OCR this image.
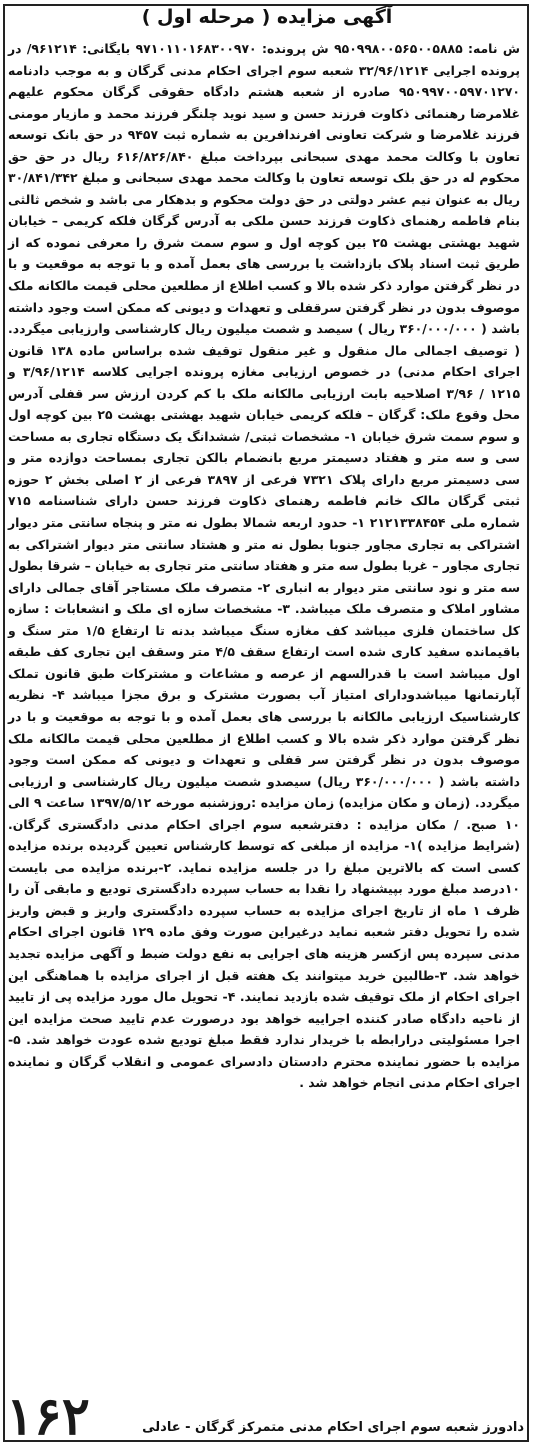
آگهی مزایده ( مرحله اول )

ش نامه: ۹۵۰۹۹۸۰۰۵۶۵۰۰۵۸۸۵ ش پرونده: ۹۷۱۰۱۱۰۱۶۸۳۰۰۹۷۰ بایگانی: ۹۶۱۲۱۴/ در پرونده اجرایی ۳۲/۹۶/۱۲۱۴ شعبه سوم اجرای احکام مدنی گرگان و به موجب دادنامه ۹۵۰۹۹۷۰۰۵۹۷۰۱۲۷۰ صادره از شعبه هشتم دادگاه حقوقی گرگان محکوم علیهم غلامرضا رهنمائی ذکاوت فرزند حسن و سید نوید چلنگر فرزند محمد و مازیار مومنی فرزند غلامرضا و شرکت تعاونی افرندافرین به شماره ثبت ۹۴۵۷ در حق بانک توسعه تعاون با وکالت محمد مهدی سبحانی بپرداخت مبلغ ۶۱۶/۸۲۶/۸۴۰ ریال در حق حق محکوم له در حق بلک توسعه تعاون با وکالت محمد مهدی سبحانی و مبلغ ۳۰/۸۴۱/۳۴۲ ریال به عنوان نیم عشر دولتی در حق دولت محکوم و بدهکار می باشد و شخص ثالثی بنام فاطمه رهنمای ذکاوت فرزند حسن ملکی به آدرس گرگان فلکه کریمی – خیابان شهید بهشتی بهشت ۲۵ بین کوچه اول و سوم سمت شرق را معرفی نموده که از طریق ثبت اسناد پلاک بازداشت یا بررسی های بعمل آمده و با توجه به موقعیت و با در نظر گرفتن موارد ذکر شده بالا و کسب اطلاع از مطلعین محلی قیمت مالکانه ملک موصوف بدون در نظر گرفتن سرقفلی و تعهدات و دیونی که ممکن است وجود داشته باشد ( ۳۶۰/۰۰۰/۰۰۰ ریال ) سیصد و شصت میلیون ریال کارشناسی وارزیابی میگردد. ( توصیف اجمالی مال منقول و غیر منقول توقیف شده براساس ماده ۱۳۸ قانون اجرای احکام مدنی) در خصوص ارزیابی مغازه پرونده اجرایی کلاسه ۳/۹۶/۱۲۱۴ و ۱۲۱۵ / ۳/۹۶ اصلاحیه بابت ارزیابی مالکانه ملک با کم کردن ارزش سر قفلی آدرس محل وقوع ملک: گرگان – فلکه کریمی خیابان شهید بهشتی بهشت ۲۵ بین کوچه اول و سوم سمت شرق خیابان ۱- مشخصات ثبتی/ ششدانگ یک دستگاه تجاری به مساحت سی و سه متر و هفتاد دسیمتر مربع بانضمام بالکن تجاری بمساحت دوازده متر و سی دسیمتر مربع دارای پلاک ۷۳۲۱ فرعی از ۳۸۹۷ فرعی از ۲ اصلی بخش ۲ حوزه ثبتی گرگان مالک خانم فاطمه رهنمای ذکاوت فرزند حسن دارای شناسنامه ۷۱۵ شماره ملی ۲۱۲۱۳۳۸۴۵۴ ۱- حدود اربعه شمالا بطول نه متر و پنجاه سانتی متر دیوار اشتراکی به تجاری مجاور جنوبا بطول نه متر و هشتاد سانتی متر دیوار اشتراکی به تجاری مجاور – غربا بطول سه متر و هفتاد سانتی متر تجاری به خیابان – شرقا بطول سه متر و نود سانتی متر دیوار به انباری ۲- متصرف ملک مستاجر آقای جمالی دارای مشاور املاک و متصرف ملک میباشد. ۳- مشخصات سازه ای ملک و انشعابات : سازه کل ساختمان فلزی میباشد کف مغازه سنگ میباشد بدنه تا ارتفاع ۱/۵ متر سنگ و باقیمانده سفید کاری شده است ارتفاع سقف ۴/۵ متر وسقف این تجاری کف طبقه اول میباشد است با قدرالسهم از عرصه و مشاعات و مشترکات طبق قانون تملک آپارتمانها میباشدودارای امتیاز آب بصورت مشترک و برق مجزا میباشد ۴- نظریه کارشناسیک ارزیابی مالکانه با بررسی های بعمل آمده و با توجه به موقعیت و با در نظر گرفتن موارد ذکر شده بالا و کسب اطلاع از مطلعین محلی قیمت مالکانه ملک موصوف بدون در نظر گرفتن سر قفلی و تعهدات و دیونی که ممکن است وجود داشته باشد ( ۳۶۰/۰۰۰/۰۰۰ ریال) سیصدو شصت میلیون ریال کارشناسی و ارزیابی میگردد. (زمان و مکان مزایده) زمان مزایده :روزشنبه مورخه ۱۳۹۷/۵/۱۲ ساعت ۹ الی ۱۰ صبح. / مکان مزایده : دفترشعبه سوم اجرای احکام مدنی دادگستری گرگان. (شرایط مزایده )۱- مزایده از مبلغی که توسط کارشناس تعیین گردیده برنده مزایده کسی است که بالاترین مبلغ را در جلسه مزایده نماید. ۲-برنده مزایده می بایست ۱۰درصد مبلغ مورد بپیشنهاد را نقدا به حساب سپرده دادگستری تودیع و مابقی آن را ظرف ۱ ماه از تاریخ اجرای مزایده به حساب سپرده دادگستری واریز و قبض واریز شده را تحویل دفتر شعبه نماید درغیراین صورت وفق ماده ۱۲۹ قانون اجرای احکام مدنی سپرده پس ازکسر هزینه های اجرایی به نفع دولت ضبط و آگهی مزایده تجدید خواهد شد. ۳-طالبین خرید میتوانند یک هفته قبل از اجرای مزایده با هماهنگی این اجرای احکام از ملک توقیف شده بازدید نمایند. ۴- تحویل مال مورد مزایده پی از تایید از ناحیه دادگاه صادر کننده اجراییه خواهد بود درصورت عدم تایید صحت مزایده این اجرا مسئولیتی درارابطه با خریدار ندارد فقط مبلغ تودیع شده عودت خواهد شد. ۵- مزایده با حضور نماینده محترم دادستان دادسرای عمومی و انقلاب گرگان و نماینده اجرای احکام مدنی انجام خواهد شد .

دادورز شعبه سوم اجرای احکام مدنی متمرکز گرگان - عادلی
۱۶۲
